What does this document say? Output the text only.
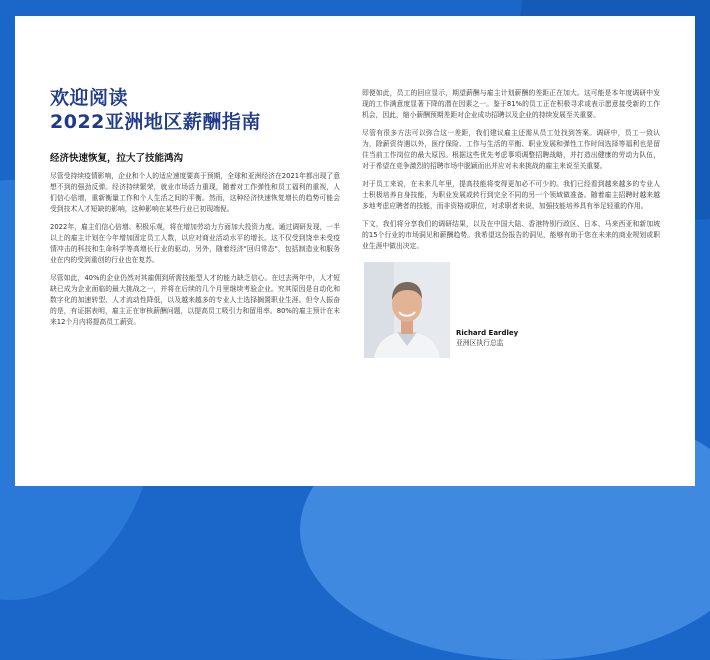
欢迎阅读
2022亚洲地区薪酬指南
经济快速恢复，拉大了技能鸿沟

尽管受持续疫情影响，企业和个人的适应速度要高于预期，全球和亚洲经济在2021年都出现了意想不到的强劲反弹。经济持续繁荣，就业市场活力重现，随着对工作弹性和员工福利的重视，人们信心倍增，重新衡量工作和个人生活之间的平衡。然而，这种经济快速恢复增长的趋势可能会受到技术人才短缺的影响，这种影响在某些行业已初现端倪。

2022年，雇主们信心倍增、积极乐观，将在增加劳动力方面加大投资力度。通过调研发现，一半以上的雇主计划在今年增加固定员工人数，以应对商业活动水平的增长。这不仅受到饶幸未受疫情冲击的科技和生命科学等高增长行业的驱动，另外，随着经济"回归常态"，包括制造业和服务业在内的受到重创的行业也在复苏。

尽管如此，40%的企业仍然对其雇佣到所需技能型人才的能力缺乏信心。在过去两年中，人才短缺已成为企业面临的最大挑战之一，并将在后续的几个月里继续考验企业。究其原因是自动化和数字化的加速转型、人才流动性降低，以及越来越多的专业人士选择搁置职业生涯。但令人振奋的是，有证据表明，雇主正在审核薪酬问题，以提高员工吸引力和留用率。80%的雇主预计在未来12个月内将提高员工薪资。

即便如此，员工的回应显示，期望薪酬与雇主计划薪酬的差距正在加大。这可能是本年度调研中发现的工作满意度显著下降的潜在因素之一。鉴于81%的员工正在积极寻求或表示愿意接受新的工作机会，因此，缩小薪酬预期差距对企业成功招聘以及企业的持续发展至关重要。

尽管有很多方法可以弥合这一差距，我们建议雇主还需从员工处找到答案。调研中，员工一致认为，除薪资待遇以外，医疗保险、工作与生活的平衡、职业发展和弹性工作时间选择等福利也是留住当前工作岗位的最大原因。根据这些优先考虑事项调整招聘战略，并打造出健康的劳动力队伍，对于希望在竞争激烈的招聘市场中脱颖而出并应对未来挑战的雇主来说至关重要。

对于员工来说，在未来几年里，提高技能将变得更加必不可少的。我们已经看到越来越多的专业人士积极培养自身技能，为职业发展或转行到完全不同的另一个领域做准备。随着雇主招聘时越来越多地考虑应聘者的技能，而非资格或职位，对求职者来说，加强技能培养具有举足轻重的作用。

下文，我们将分享我们的调研结果，以及在中国大陆、香港特别行政区、日本、马来西亚和新加坡的15个行业的市场洞见和薪酬趋势。我希望这份报告的洞见，能够有助于您在未来的商业规划或职业生涯中做出决定。

Richard Eardley
亚洲区执行总监
